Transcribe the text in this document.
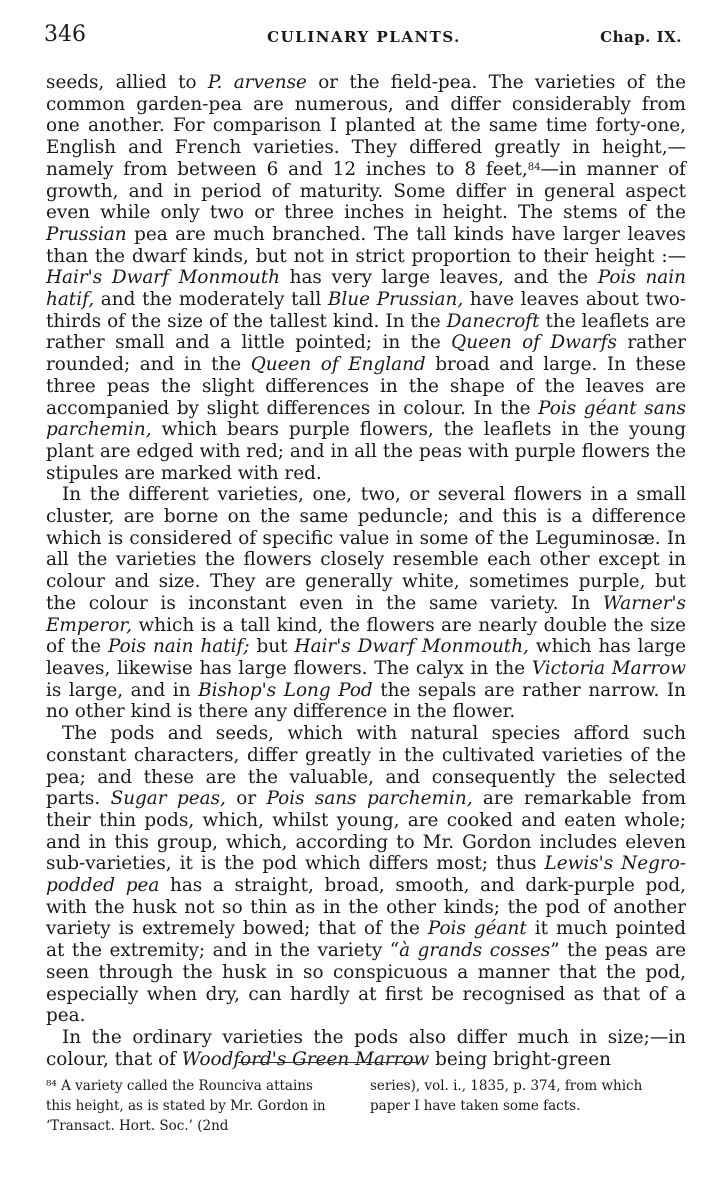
346	CULINARY PLANTS.	Chap. IX.

seeds, allied to P. arvense or the field-pea. The varieties of the common garden-pea are numerous, and differ considerably from one another. For comparison I planted at the same time forty-one, English and French varieties. They differed greatly in height,—namely from between 6 and 12 inches to 8 feet,$^{84}$—in manner of growth, and in period of maturity. Some differ in general aspect even while only two or three inches in height. The stems of the Prussian pea are much branched. The tall kinds have larger leaves than the dwarf kinds, but not in strict proportion to their height :—Hair's Dwarf Monmouth has very large leaves, and the Pois nain hatif, and the moderately tall Blue Prussian, have leaves about two-thirds of the size of the tallest kind. In the Danecroft the leaflets are rather small and a little pointed; in the Queen of Dwarfs rather rounded; and in the Queen of England broad and large. In these three peas the slight differences in the shape of the leaves are accompanied by slight differences in colour. In the Pois géant sans parchemin, which bears purple flowers, the leaflets in the young plant are edged with red; and in all the peas with purple flowers the stipules are marked with red.

In the different varieties, one, two, or several flowers in a small cluster, are borne on the same peduncle; and this is a difference which is considered of specific value in some of the Leguminosæ. In all the varieties the flowers closely resemble each other except in colour and size. They are generally white, sometimes purple, but the colour is inconstant even in the same variety. In Warner's Emperor, which is a tall kind, the flowers are nearly double the size of the Pois nain hatif; but Hair's Dwarf Monmouth, which has large leaves, likewise has large flowers. The calyx in the Victoria Marrow is large, and in Bishop's Long Pod the sepals are rather narrow. In no other kind is there any difference in the flower.

The pods and seeds, which with natural species afford such constant characters, differ greatly in the cultivated varieties of the pea; and these are the valuable, and consequently the selected parts. Sugar peas, or Pois sans parchemin, are remarkable from their thin pods, which, whilst young, are cooked and eaten whole; and in this group, which, according to Mr. Gordon includes eleven sub-varieties, it is the pod which differs most; thus Lewis's Negro-podded pea has a straight, broad, smooth, and dark-purple pod, with the husk not so thin as in the other kinds; the pod of another variety is extremely bowed; that of the Pois géant it much pointed at the extremity; and in the variety “à grands cosses” the peas are seen through the husk in so conspicuous a manner that the pod, especially when dry, can hardly at first be recognised as that of a pea.

In the ordinary varieties the pods also differ much in size;—in colour, that of Woodford's Green Marrow being bright-green

⁸⁴ A variety called the Rounciva attains this height, as is stated by Mr. Gordon in ‘Transact. Hort. Soc.’ (2nd
series), vol. i., 1835, p. 374, from which paper I have taken some facts.
